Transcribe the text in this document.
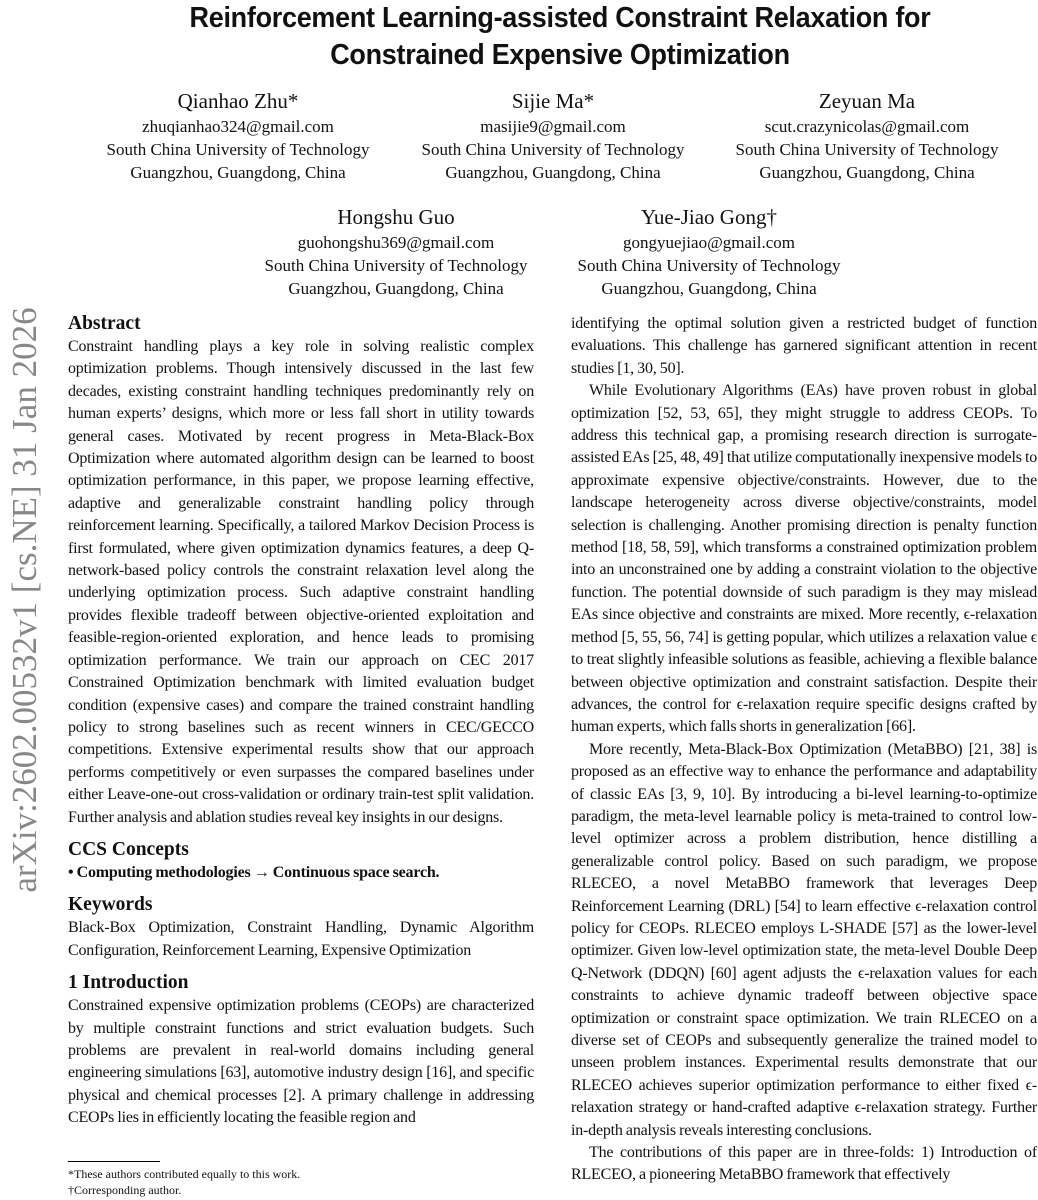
Reinforcement Learning-assisted Constraint Relaxation for
Constrained Expensive Optimization
arXiv:2602.00532v1 [cs.NE] 31 Jan 2026
Qianhao Zhu*
zhuqianhao324@gmail.com
South China University of Technology
Guangzhou, Guangdong, China
Sijie Ma*
masijie9@gmail.com
South China University of Technology
Guangzhou, Guangdong, China
Zeyuan Ma
scut.crazynicolas@gmail.com
South China University of Technology
Guangzhou, Guangdong, China
Hongshu Guo
guohongshu369@gmail.com
South China University of Technology
Guangzhou, Guangdong, China
Yue-Jiao Gong†
gongyuejiao@gmail.com
South China University of Technology
Guangzhou, Guangdong, China
Abstract

Constraint handling plays a key role in solving realistic complex optimization problems. Though intensively discussed in the last few decades, existing constraint handling techniques predominantly rely on human experts’ designs, which more or less fall short in utility towards general cases. Motivated by recent progress in Meta-Black-Box Optimization where automated algorithm design can be learned to boost optimization performance, in this paper, we propose learning effective, adaptive and generalizable constraint handling policy through reinforcement learning. Specifically, a tailored Markov Decision Process is first formulated, where given optimization dynamics features, a deep Q-network-based policy controls the constraint relaxation level along the underlying optimization process. Such adaptive constraint handling provides flexible tradeoff between objective-oriented exploitation and feasible-region-oriented exploration, and hence leads to promising optimization performance. We train our approach on CEC 2017 Constrained Optimization benchmark with limited evaluation budget condition (expensive cases) and compare the trained constraint handling policy to strong baselines such as recent winners in CEC/GECCO competitions. Extensive experimental results show that our approach performs competitively or even surpasses the compared baselines under either Leave-one-out cross-validation or ordinary train-test split validation. Further analysis and ablation studies reveal key insights in our designs.

CCS Concepts

• Computing methodologies → Continuous space search.

Keywords

Black-Box Optimization, Constraint Handling, Dynamic Algorithm Configuration, Reinforcement Learning, Expensive Optimization

1 Introduction

Constrained expensive optimization problems (CEOPs) are characterized by multiple constraint functions and strict evaluation budgets. Such problems are prevalent in real-world domains including general engineering simulations [63], automotive industry design [16], and specific physical and chemical processes [2]. A primary challenge in addressing CEOPs lies in efficiently locating the feasible region and

identifying the optimal solution given a restricted budget of function evaluations. This challenge has garnered significant attention in recent studies [1, 30, 50].

While Evolutionary Algorithms (EAs) have proven robust in global optimization [52, 53, 65], they might struggle to address CEOPs. To address this technical gap, a promising research direction is surrogate-assisted EAs [25, 48, 49] that utilize computationally inexpensive models to approximate expensive objective/constraints. However, due to the landscape heterogeneity across diverse objective/constraints, model selection is challenging. Another promising direction is penalty function method [18, 58, 59], which transforms a constrained optimization problem into an unconstrained one by adding a constraint violation to the objective function. The potential downside of such paradigm is they may mislead EAs since objective and constraints are mixed. More recently, ϵ-relaxation method [5, 55, 56, 74] is getting popular, which utilizes a relaxation value ϵ to treat slightly infeasible solutions as feasible, achieving a flexible balance between objective optimization and constraint satisfaction. Despite their advances, the control for ϵ-relaxation require specific designs crafted by human experts, which falls shorts in generalization [66].

More recently, Meta-Black-Box Optimization (MetaBBO) [21, 38] is proposed as an effective way to enhance the performance and adaptability of classic EAs [3, 9, 10]. By introducing a bi-level learning-to-optimize paradigm, the meta-level learnable policy is meta-trained to control low-level optimizer across a problem distribution, hence distilling a generalizable control policy. Based on such paradigm, we propose RLECEO, a novel MetaBBO framework that leverages Deep Reinforcement Learning (DRL) [54] to learn effective ϵ-relaxation control policy for CEOPs. RLECEO employs L-SHADE [57] as the lower-level optimizer. Given low-level optimization state, the meta-level Double Deep Q-Network (DDQN) [60] agent adjusts the ϵ-relaxation values for each constraints to achieve dynamic tradeoff between objective space optimization or constraint space optimization. We train RLECEO on a diverse set of CEOPs and subsequently generalize the trained model to unseen problem instances. Experimental results demonstrate that our RLECEO achieves superior optimization performance to either fixed ϵ-relaxation strategy or hand-crafted adaptive ϵ-relaxation strategy. Further in-depth analysis reveals interesting conclusions.

The contributions of this paper are in three-folds: 1) Introduction of RLECEO, a pioneering MetaBBO framework that effectively

*These authors contributed equally to this work.
†Corresponding author.
